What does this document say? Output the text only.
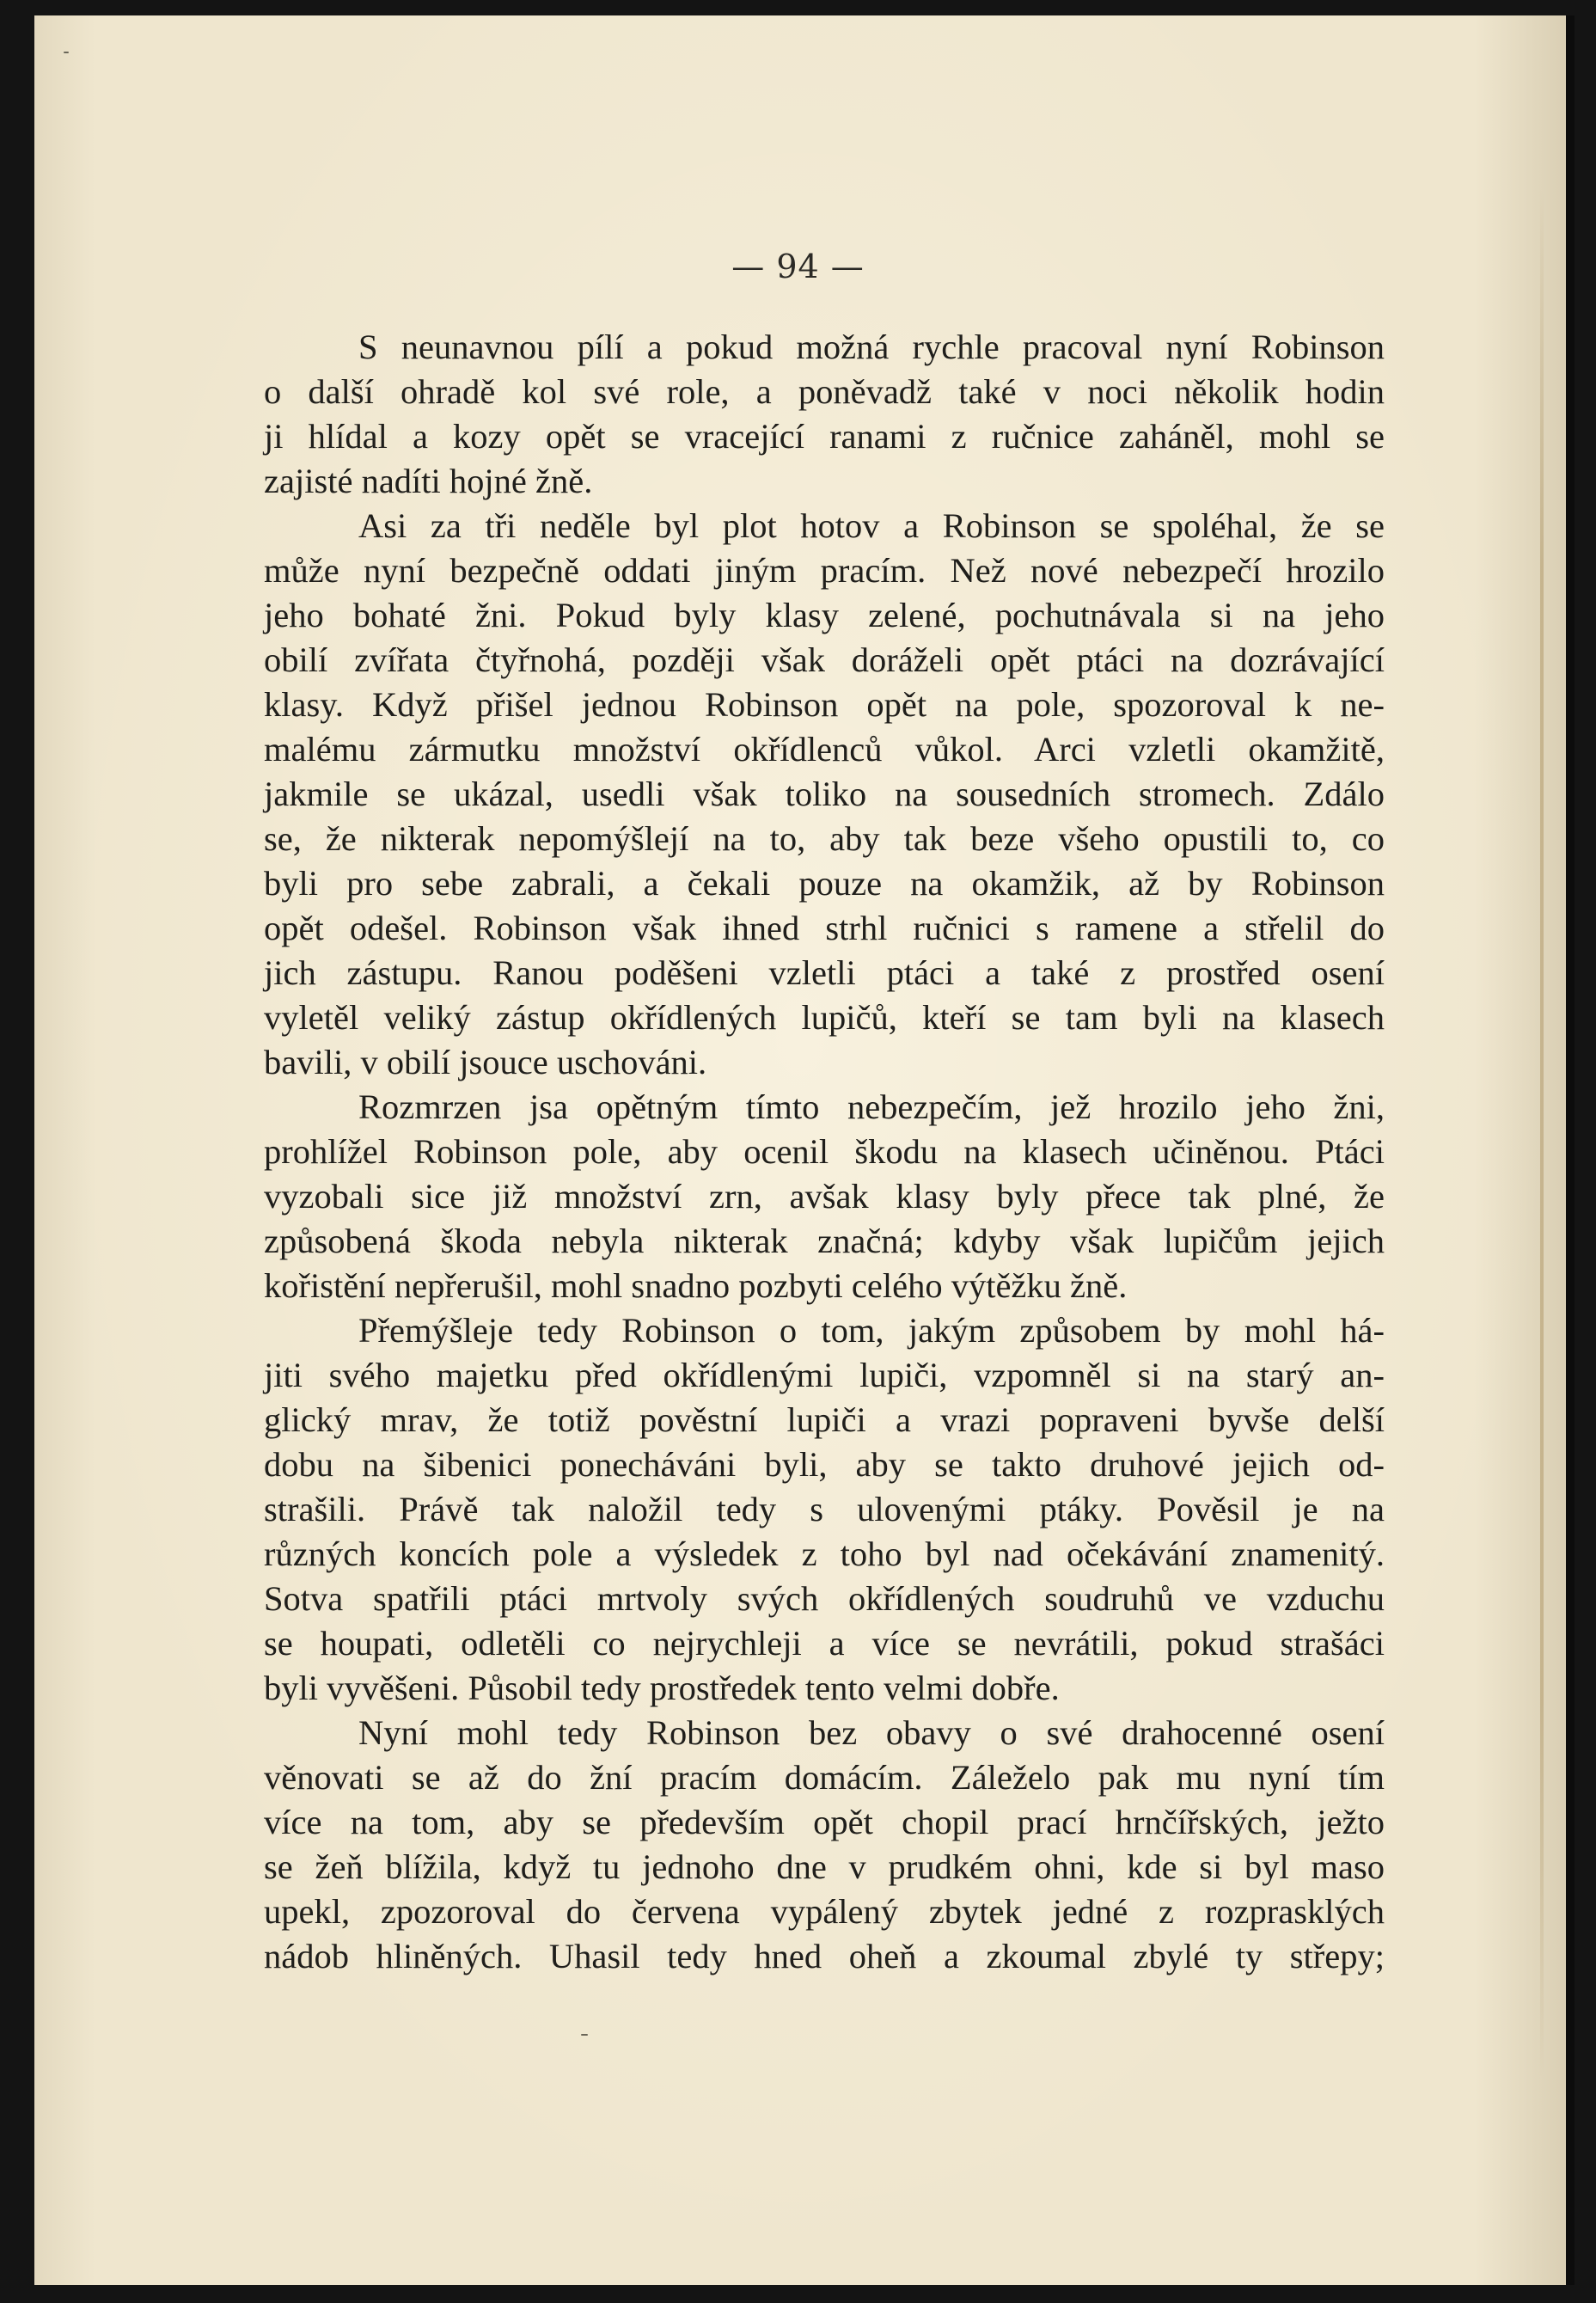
— 94 —
S neunavnou pílí a pokud možná rychle pracoval nyní Robinson
o další ohradě kol své role, a poněvadž také v noci několik hodin
ji hlídal a kozy opět se vracející ranami z ručnice zaháněl, mohl se
zajisté nadíti hojné žně.
Asi za tři neděle byl plot hotov a Robinson se spoléhal, že se
může nyní bezpečně oddati jiným pracím. Než nové nebezpečí hrozilo
jeho bohaté žni. Pokud byly klasy zelené, pochutnávala si na jeho
obilí zvířata čtyřnohá, později však doráželi opět ptáci na dozrávající
klasy. Když přišel jednou Robinson opět na pole, spozoroval k ne-
malému zármutku množství okřídlenců vůkol. Arci vzletli okamžitě,
jakmile se ukázal, usedli však toliko na sousedních stromech. Zdálo
se, že nikterak nepomýšlejí na to, aby tak beze všeho opustili to, co
byli pro sebe zabrali, a čekali pouze na okamžik, až by Robinson
opět odešel. Robinson však ihned strhl ručnici s ramene a střelil do
jich zástupu. Ranou poděšeni vzletli ptáci a také z prostřed osení
vyletěl veliký zástup okřídlených lupičů, kteří se tam byli na klasech
bavili, v obilí jsouce uschováni.
Rozmrzen jsa opětným tímto nebezpečím, jež hrozilo jeho žni,
prohlížel Robinson pole, aby ocenil škodu na klasech učiněnou. Ptáci
vyzobali sice již množství zrn, avšak klasy byly přece tak plné, že
způsobená škoda nebyla nikterak značná; kdyby však lupičům jejich
kořistění nepřerušil, mohl snadno pozbyti celého výtěžku žně.
Přemýšleje tedy Robinson o tom, jakým způsobem by mohl há-
jiti svého majetku před okřídlenými lupiči, vzpomněl si na starý an-
glický mrav, že totiž pověstní lupiči a vrazi popraveni byvše delší
dobu na šibenici ponecháváni byli, aby se takto druhové jejich od-
strašili. Právě tak naložil tedy s ulovenými ptáky. Pověsil je na
různých koncích pole a výsledek z toho byl nad očekávání znamenitý.
Sotva spatřili ptáci mrtvoly svých okřídlených soudruhů ve vzduchu
se houpati, odletěli co nejrychleji a více se nevrátili, pokud strašáci
byli vyvěšeni. Působil tedy prostředek tento velmi dobře.
Nyní mohl tedy Robinson bez obavy o své drahocenné osení
věnovati se až do žní pracím domácím. Záleželo pak mu nyní tím
více na tom, aby se především opět chopil prací hrnčířských, ježto
se žeň blížila, když tu jednoho dne v prudkém ohni, kde si byl maso
upekl, zpozoroval do červena vypálený zbytek jedné z rozprasklých
nádob hliněných. Uhasil tedy hned oheň a zkoumal zbylé ty střepy;
